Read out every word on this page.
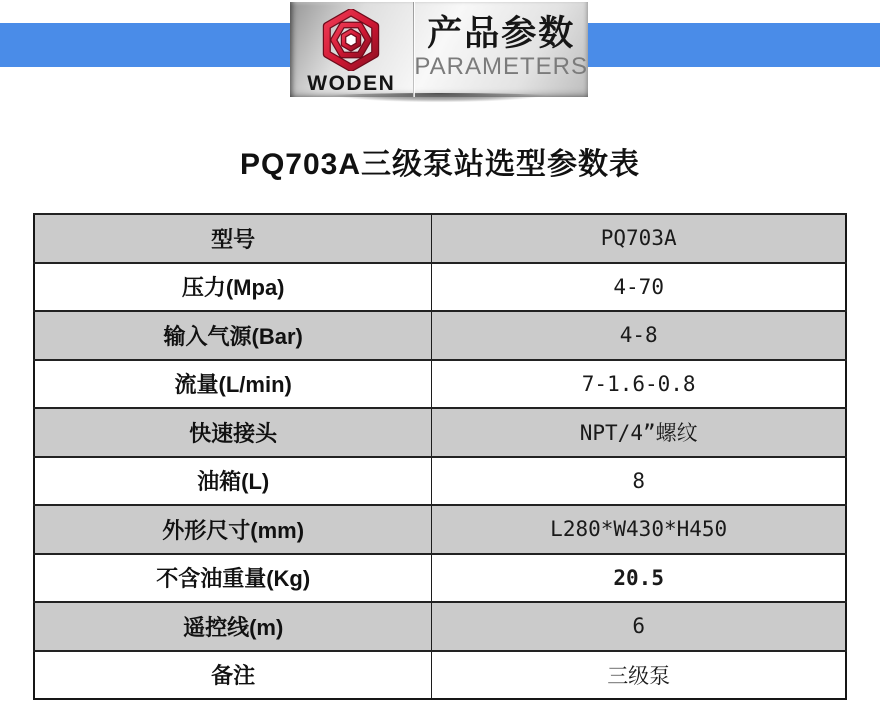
WODEN
产品参数
PARAMETERS
PQ703A三级泵站选型参数表
型号	PQ703A
压力(Mpa)	4-70
输入气源(Bar)	4-8
流量(L/min)	7-1.6-0.8
快速接头	NPT/4”螺纹
油箱(L)	8
外形尺寸(mm)	L280*W430*H450
不含油重量(Kg)	20.5
遥控线(m)	6
备注	三级泵
